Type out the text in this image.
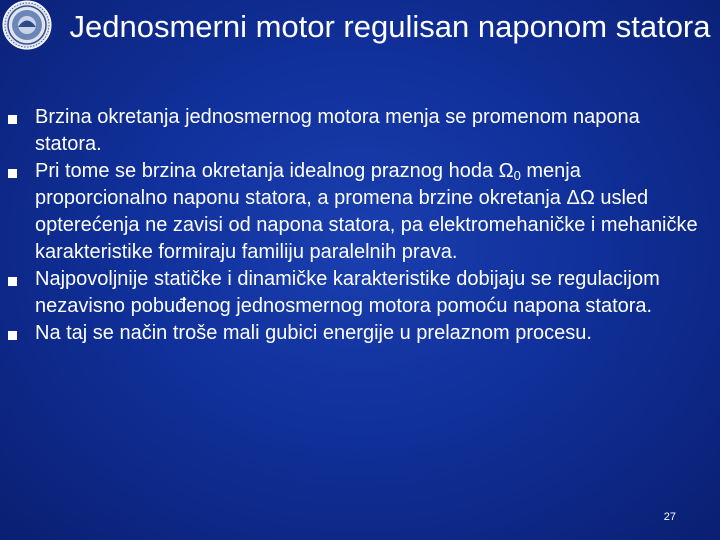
Jednosmerni motor regulisan naponom statora
Brzina okretanja jednosmernog motora menja se promenom napona statora.
Pri tome se brzina okretanja idealnog praznog hoda $\Omega_0$ menja proporcionalno naponu statora, a promena brzine okretanja ΔΩ usled opterećenja ne zavisi od napona statora, pa elektromehaničke i mehaničke karakteristike formiraju familiju paralelnih prava.
Najpovoljnije statičke i dinamičke karakteristike dobijaju se regulacijom nezavisno pobuđenog jednosmernog motora pomoću napona statora.
Na taj se način troše mali gubici energije u prelaznom procesu.
27
